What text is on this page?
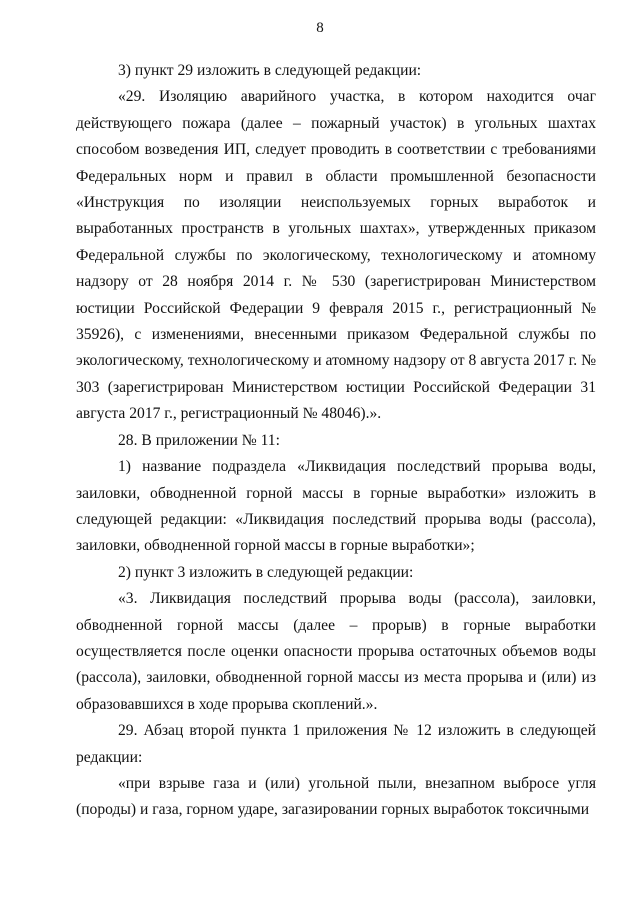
8

3) пункт 29 изложить в следующей редакции:

«29. Изоляцию аварийного участка, в котором находится очаг действующего пожара (далее – пожарный участок) в угольных шахтах способом возведения ИП, следует проводить в соответствии с требованиями Федеральных норм и правил в области промышленной безопасности «Инструкция по изоляции неиспользуемых горных выработок и выработанных пространств в угольных шахтах», утвержденных приказом Федеральной службы по экологическому, технологическому и атомному надзору от 28 ноября 2014 г. № 530 (зарегистрирован Министерством юстиции Российской Федерации 9 февраля 2015 г., регистрационный № 35926), с изменениями, внесенными приказом Федеральной службы по экологическому, технологическому и атомному надзору от 8 августа 2017 г. № 303 (зарегистрирован Министерством юстиции Российской Федерации 31 августа 2017 г., регистрационный № 48046).».

28. В приложении № 11:

1) название подраздела «Ликвидация последствий прорыва воды, заиловки, обводненной горной массы в горные выработки» изложить в следующей редакции: «Ликвидация последствий прорыва воды (рассола), заиловки, обводненной горной массы в горные выработки»;

2) пункт 3 изложить в следующей редакции:

«3. Ликвидация последствий прорыва воды (рассола), заиловки, обводненной горной массы (далее – прорыв) в горные выработки осуществляется после оценки опасности прорыва остаточных объемов воды (рассола), заиловки, обводненной горной массы из места прорыва и (или) из образовавшихся в ходе прорыва скоплений.».

29. Абзац второй пункта 1 приложения № 12 изложить в следующей редакции:

«при взрыве газа и (или) угольной пыли, внезапном выбросе угля (породы) и газа, горном ударе, загазировании горных выработок токсичными
